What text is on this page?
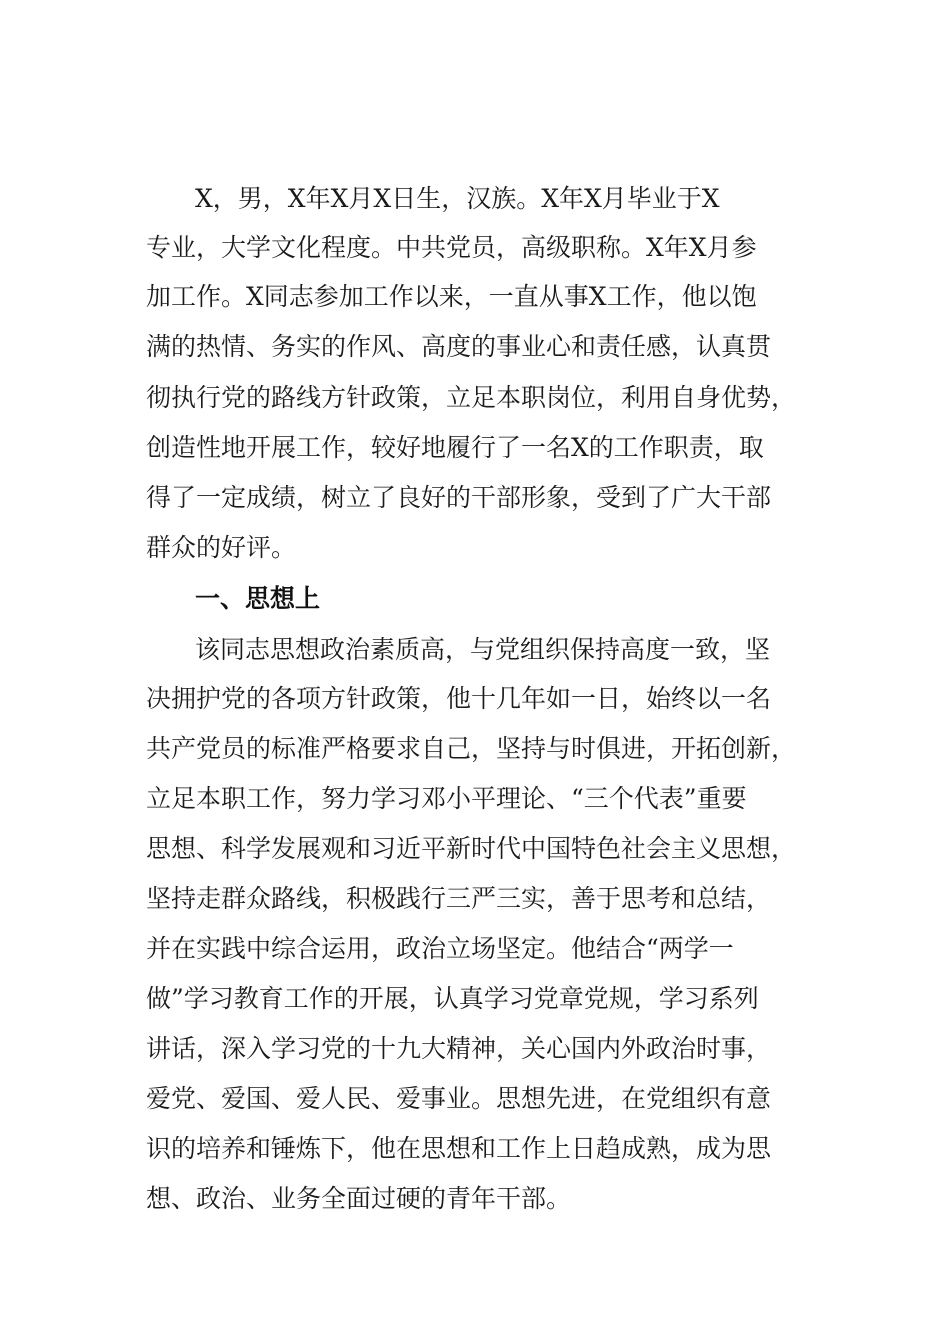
X，男，X年X月X日生，汉族。X年X月毕业于X

专业，大学文化程度。中共党员，高级职称。X年X月参

加工作。X同志参加工作以来，一直从事X工作，他以饱

满的热情、务实的作风、高度的事业心和责任感，认真贯

彻执行党的路线方针政策，立足本职岗位，利用自身优势，

创造性地开展工作，较好地履行了一名X的工作职责，取

得了一定成绩，树立了良好的干部形象，受到了广大干部

群众的好评。

一、思想上

该同志思想政治素质高，与党组织保持高度一致，坚

决拥护党的各项方针政策，他十几年如一日，始终以一名

共产党员的标准严格要求自己，坚持与时俱进，开拓创新，

立足本职工作，努力学习邓小平理论、“三个代表”重要

思想、科学发展观和习近平新时代中国特色社会主义思想，

坚持走群众路线，积极践行三严三实，善于思考和总结，

并在实践中综合运用，政治立场坚定。他结合“两学一

做”学习教育工作的开展，认真学习党章党规，学习系列

讲话，深入学习党的十九大精神，关心国内外政治时事，

爱党、爱国、爱人民、爱事业。思想先进，在党组织有意

识的培养和锤炼下，他在思想和工作上日趋成熟，成为思

想、政治、业务全面过硬的青年干部。
